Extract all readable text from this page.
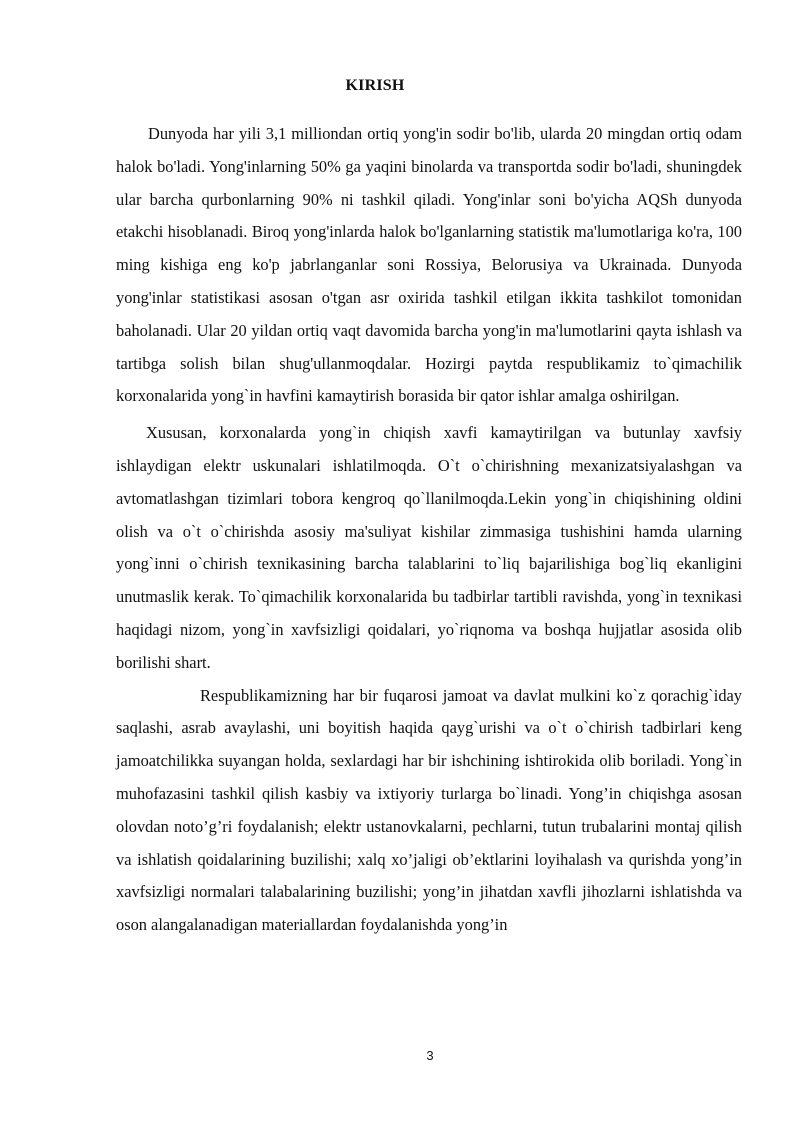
KIRISH

Dunyoda har yili 3,1 milliondan ortiq yong'in sodir bo'lib, ularda 20 mingdan ortiq odam halok bo'ladi. Yong'inlarning 50% ga yaqini binolarda va transportda sodir bo'ladi, shuningdek ular barcha qurbonlarning 90% ni tashkil qiladi. Yong'inlar soni bo'yicha AQSh dunyoda etakchi hisoblanadi. Biroq yong'inlarda halok bo'lganlarning statistik ma'lumotlariga ko'ra, 100 ming kishiga eng ko'p jabrlanganlar soni Rossiya, Belorusiya va Ukrainada. Dunyoda yong'inlar statistikasi asosan o'tgan asr oxirida tashkil etilgan ikkita tashkilot tomonidan baholanadi. Ular 20 yildan ortiq vaqt davomida barcha yong'in ma'lumotlarini qayta ishlash va tartibga solish bilan shug'ullanmoqdalar. Hozirgi paytda respublikamiz to`qimachilik korxonalarida yong`in havfini kamaytirish borasida bir qator ishlar amalga oshirilgan.

Xususan, korxonalarda yong`in chiqish xavfi kamaytirilgan va butunlay xavfsiy ishlaydigan elektr uskunalari ishlatilmoqda. O`t o`chirishning mexanizatsiyalashgan va avtomatlashgan tizimlari tobora kengroq qo`llanilmoqda.Lekin yong`in chiqishining oldini olish va o`t o`chirishda asosiy ma'suliyat kishilar zimmasiga tushishini hamda ularning yong`inni o`chirish texnikasining barcha talablarini to`liq bajarilishiga bog`liq ekanligini unutmaslik kerak. To`qimachilik korxonalarida bu tadbirlar tartibli ravishda, yong`in texnikasi haqidagi nizom, yong`in xavfsizligi qoidalari, yo`riqnoma va boshqa hujjatlar asosida olib borilishi shart.

Respublikamizning har bir fuqarosi jamoat va davlat mulkini ko`z qorachig`iday saqlashi, asrab avaylashi, uni boyitish haqida qayg`urishi va o`t o`chirish tadbirlari keng jamoatchilikka suyangan holda, sexlardagi har bir ishchining ishtirokida olib boriladi. Yong`in muhofazasini tashkil qilish kasbiy va ixtiyoriy turlarga bo`linadi. Yong’in chiqishga asosan olovdan noto’g’ri foydalanish; elektr ustanovkalarni, pechlarni, tutun trubalarini montaj qilish va ishlatish qoidalarining buzilishi; xalq xo’jaligi ob’ektlarini loyihalash va qurishda yong’in xavfsizligi normalari talabalarining buzilishi; yong’in jihatdan xavfli jihozlarni ishlatishda va oson alangalanadigan materiallardan foydalanishda yong’in

3
